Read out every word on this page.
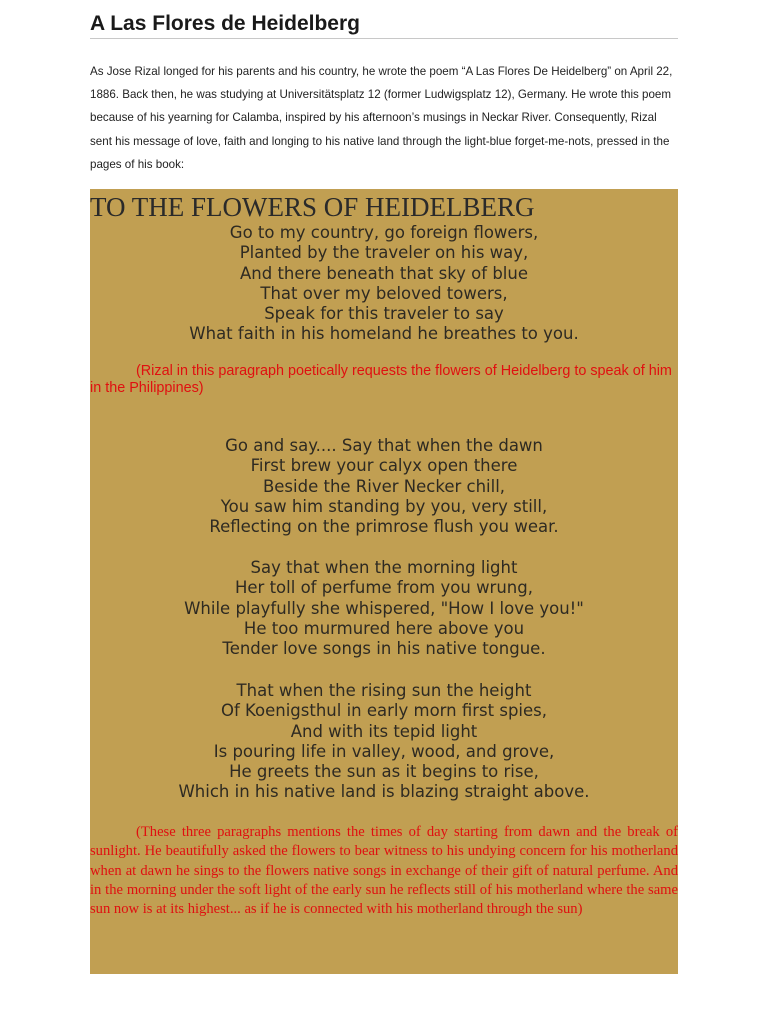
A Las Flores de Heidelberg

As Jose Rizal longed for his parents and his country, he wrote the poem “A Las Flores De Heidelberg” on April 22, 1886. Back then, he was studying at Universitätsplatz 12 (former Ludwigsplatz 12), Germany. He wrote this poem because of his yearning for Calamba, inspired by his afternoon’s musings in Neckar River. Consequently, Rizal sent his message of love, faith and longing to his native land through the light-blue forget-me-nots, pressed in the pages of his book:

TO THE FLOWERS OF HEIDELBERG
Go to my country, go foreign flowers,
Planted by the traveler on his way,
And there beneath that sky of blue
That over my beloved towers,
Speak for this traveler to say
What faith in his homeland he breathes to you.
(Rizal in this paragraph poetically requests the flowers of Heidelberg to speak of him in the Philippines)
Go and say.... Say that when the dawn
First brew your calyx open there
Beside the River Necker chill,
You saw him standing by you, very still,
Reflecting on the primrose flush you wear.
Say that when the morning light
Her toll of perfume from you wrung,
While playfully she whispered, "How I love you!"
He too murmured here above you
Tender love songs in his native tongue.
That when the rising sun the height
Of Koenigsthul in early morn first spies,
And with its tepid light
Is pouring life in valley, wood, and grove,
He greets the sun as it begins to rise,
Which in his native land is blazing straight above.
(These three paragraphs mentions the times of day starting from dawn and the break of sunlight. He beautifully asked the flowers to bear witness to his undying concern for his motherland when at dawn he sings to the flowers native songs in exchange of their gift of natural perfume. And in the morning under the soft light of the early sun he reflects still of his motherland where the same sun now is at its highest... as if he is connected with his motherland through the sun)
